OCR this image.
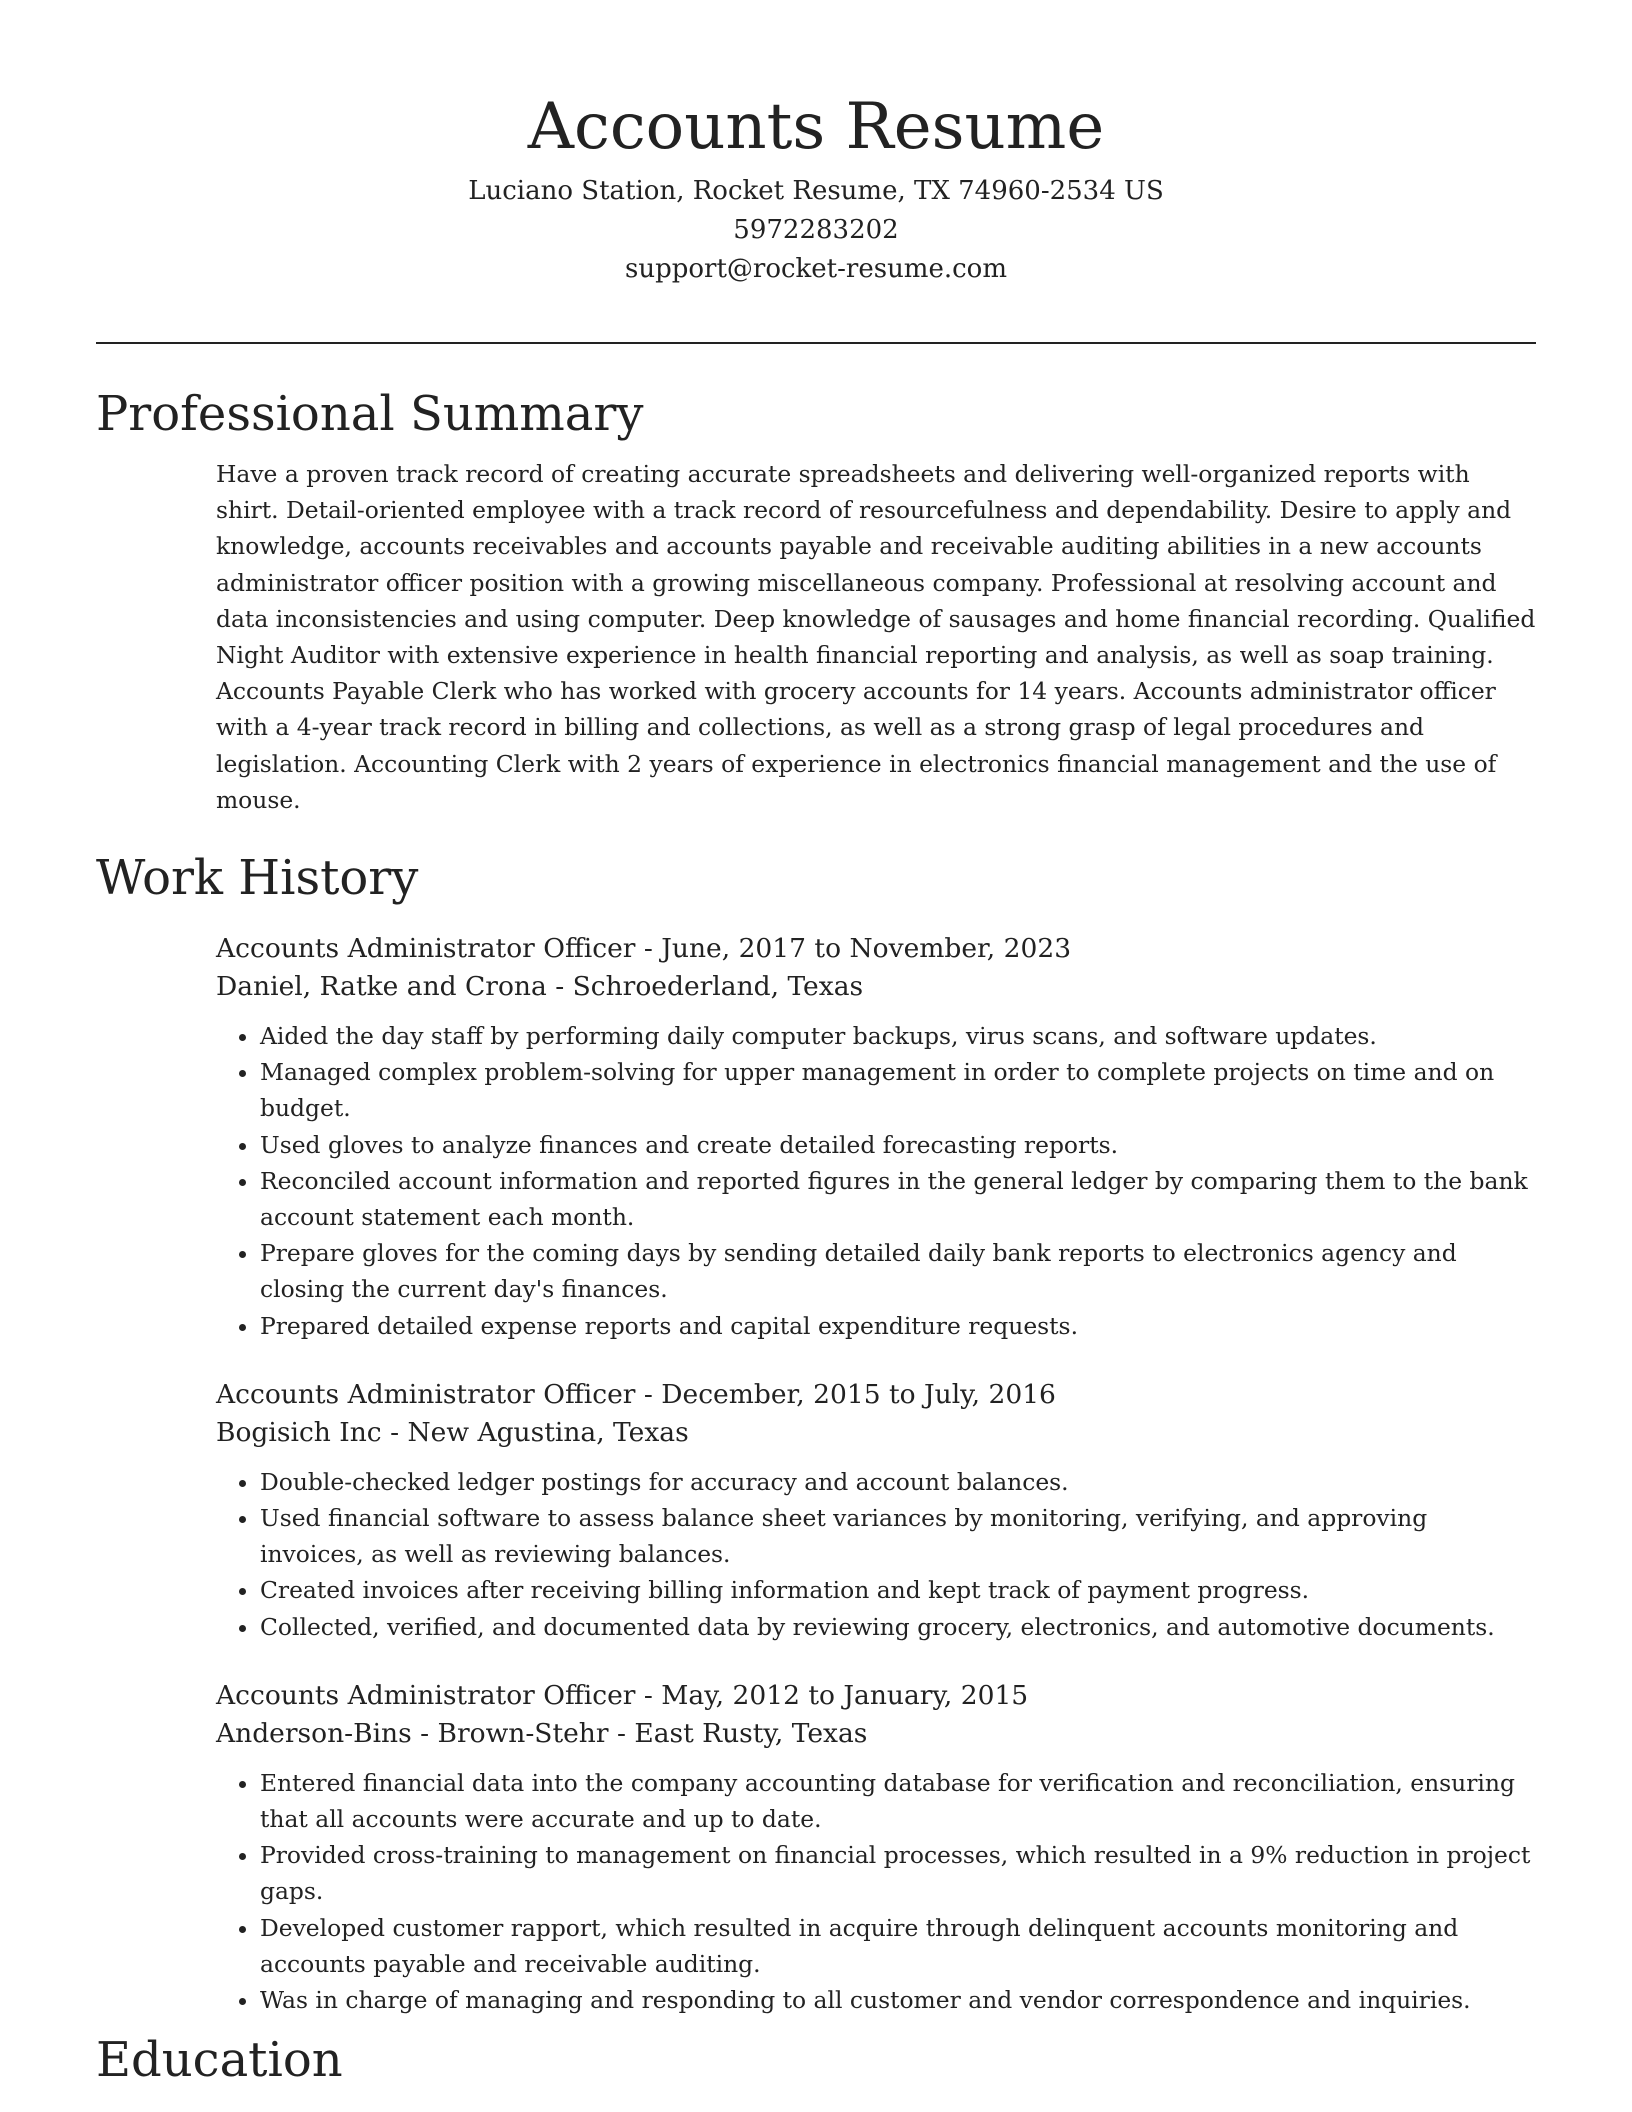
Accounts Resume
Luciano Station, Rocket Resume, TX 74960-2534 US
5972283202
support@rocket-resume.com
Professional Summary

Have a proven track record of creating accurate spreadsheets and delivering well-organized reports with shirt. Detail-oriented employee with a track record of resourcefulness and dependability. Desire to apply and knowledge, accounts receivables and accounts payable and receivable auditing abilities in a new accounts administrator officer position with a growing miscellaneous company. Professional at resolving account and data inconsistencies and using computer. Deep knowledge of sausages and home financial recording. Qualified Night Auditor with extensive experience in health financial reporting and analysis, as well as soap training. Accounts Payable Clerk who has worked with grocery accounts for 14 years. Accounts administrator officer with a 4-year track record in billing and collections, as well as a strong grasp of legal procedures and legislation. Accounting Clerk with 2 years of experience in electronics financial management and the use of mouse.

Work History
Accounts Administrator Officer - June, 2017 to November, 2023
Daniel, Ratke and Crona - Schroederland, Texas
• Aided the day staff by performing daily computer backups, virus scans, and software updates.
• Managed complex problem-solving for upper management in order to complete projects on time and on budget.
• Used gloves to analyze finances and create detailed forecasting reports.
• Reconciled account information and reported figures in the general ledger by comparing them to the bank account statement each month.
• Prepare gloves for the coming days by sending detailed daily bank reports to electronics agency and closing the current day's finances.
• Prepared detailed expense reports and capital expenditure requests.
Accounts Administrator Officer - December, 2015 to July, 2016
Bogisich Inc - New Agustina, Texas
• Double-checked ledger postings for accuracy and account balances.
• Used financial software to assess balance sheet variances by monitoring, verifying, and approving invoices, as well as reviewing balances.
• Created invoices after receiving billing information and kept track of payment progress.
• Collected, verified, and documented data by reviewing grocery, electronics, and automotive documents.
Accounts Administrator Officer - May, 2012 to January, 2015
Anderson-Bins - Brown-Stehr - East Rusty, Texas
• Entered financial data into the company accounting database for verification and reconciliation, ensuring that all accounts were accurate and up to date.
• Provided cross-training to management on financial processes, which resulted in a 9% reduction in project gaps.
• Developed customer rapport, which resulted in acquire through delinquent accounts monitoring and accounts payable and receivable auditing.
• Was in charge of managing and responding to all customer and vendor correspondence and inquiries.
Education
